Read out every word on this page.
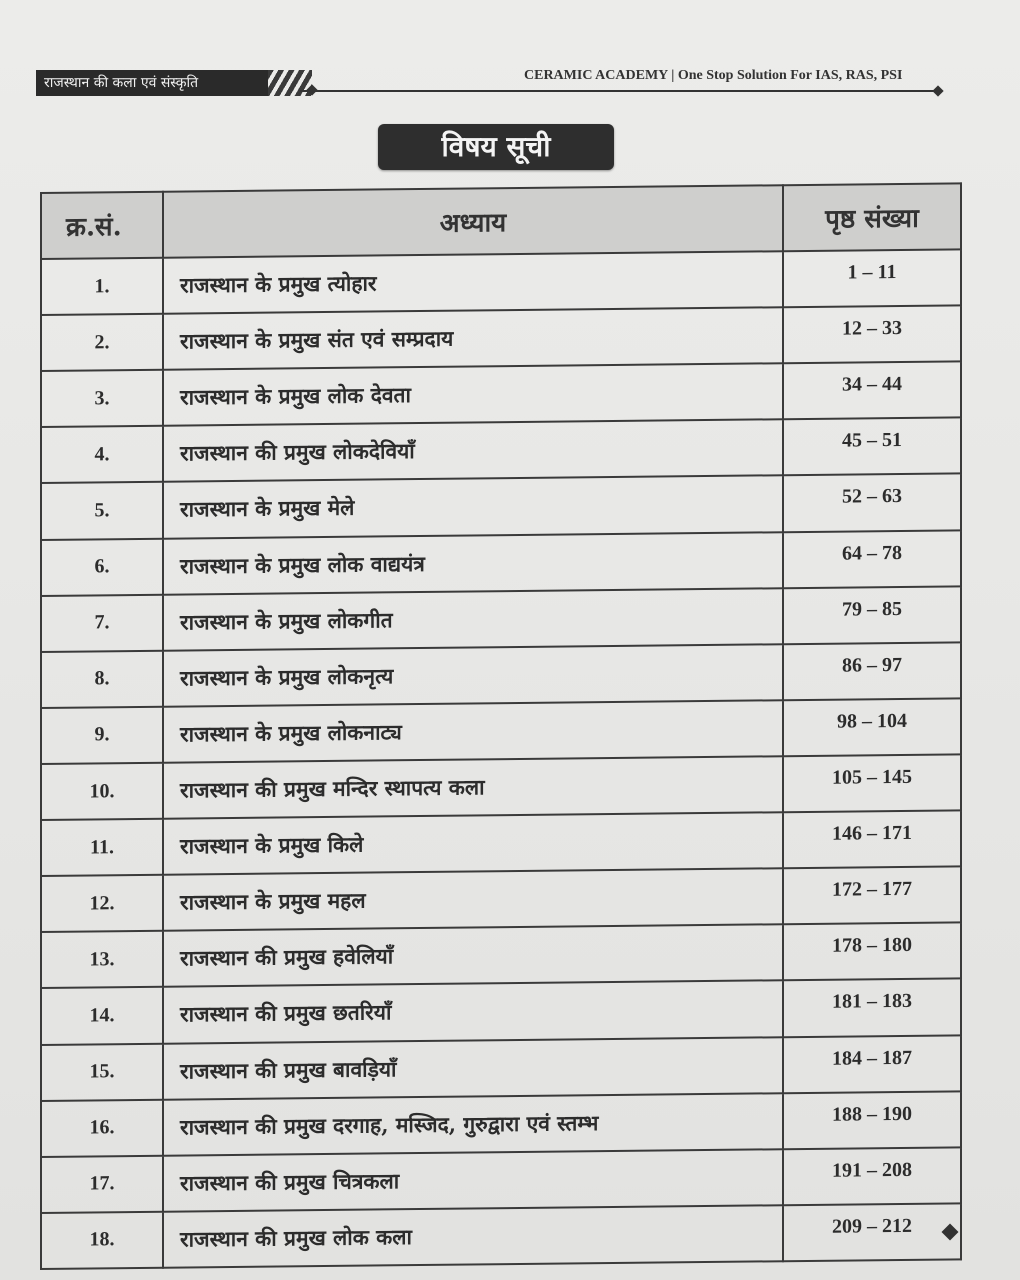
राजस्थान की कला एवं संस्कृति	CERAMIC ACADEMY | One Stop Solution For IAS, RAS, PSI
विषय सूची
क्र.सं.	अध्याय	पृष्ठ संख्या
1.	राजस्थान के प्रमुख त्योहार	1 – 11
2.	राजस्थान के प्रमुख संत एवं सम्प्रदाय	12 – 33
3.	राजस्थान के प्रमुख लोक देवता	34 – 44
4.	राजस्थान की प्रमुख लोकदेवियाँ	45 – 51
5.	राजस्थान के प्रमुख मेले	52 – 63
6.	राजस्थान के प्रमुख लोक वाद्ययंत्र	64 – 78
7.	राजस्थान के प्रमुख लोकगीत	79 – 85
8.	राजस्थान के प्रमुख लोकनृत्य	86 – 97
9.	राजस्थान के प्रमुख लोकनाट्य	98 – 104
10.	राजस्थान की प्रमुख मन्दिर स्थापत्य कला	105 – 145
11.	राजस्थान के प्रमुख किले	146 – 171
12.	राजस्थान के प्रमुख महल	172 – 177
13.	राजस्थान की प्रमुख हवेलियाँ	178 – 180
14.	राजस्थान की प्रमुख छतरियाँ	181 – 183
15.	राजस्थान की प्रमुख बावड़ियाँ	184 – 187
16.	राजस्थान की प्रमुख दरगाह, मस्जिद, गुरुद्वारा एवं स्तम्भ	188 – 190
17.	राजस्थान की प्रमुख चित्रकला	191 – 208
18.	राजस्थान की प्रमुख लोक कला	209 – 212
